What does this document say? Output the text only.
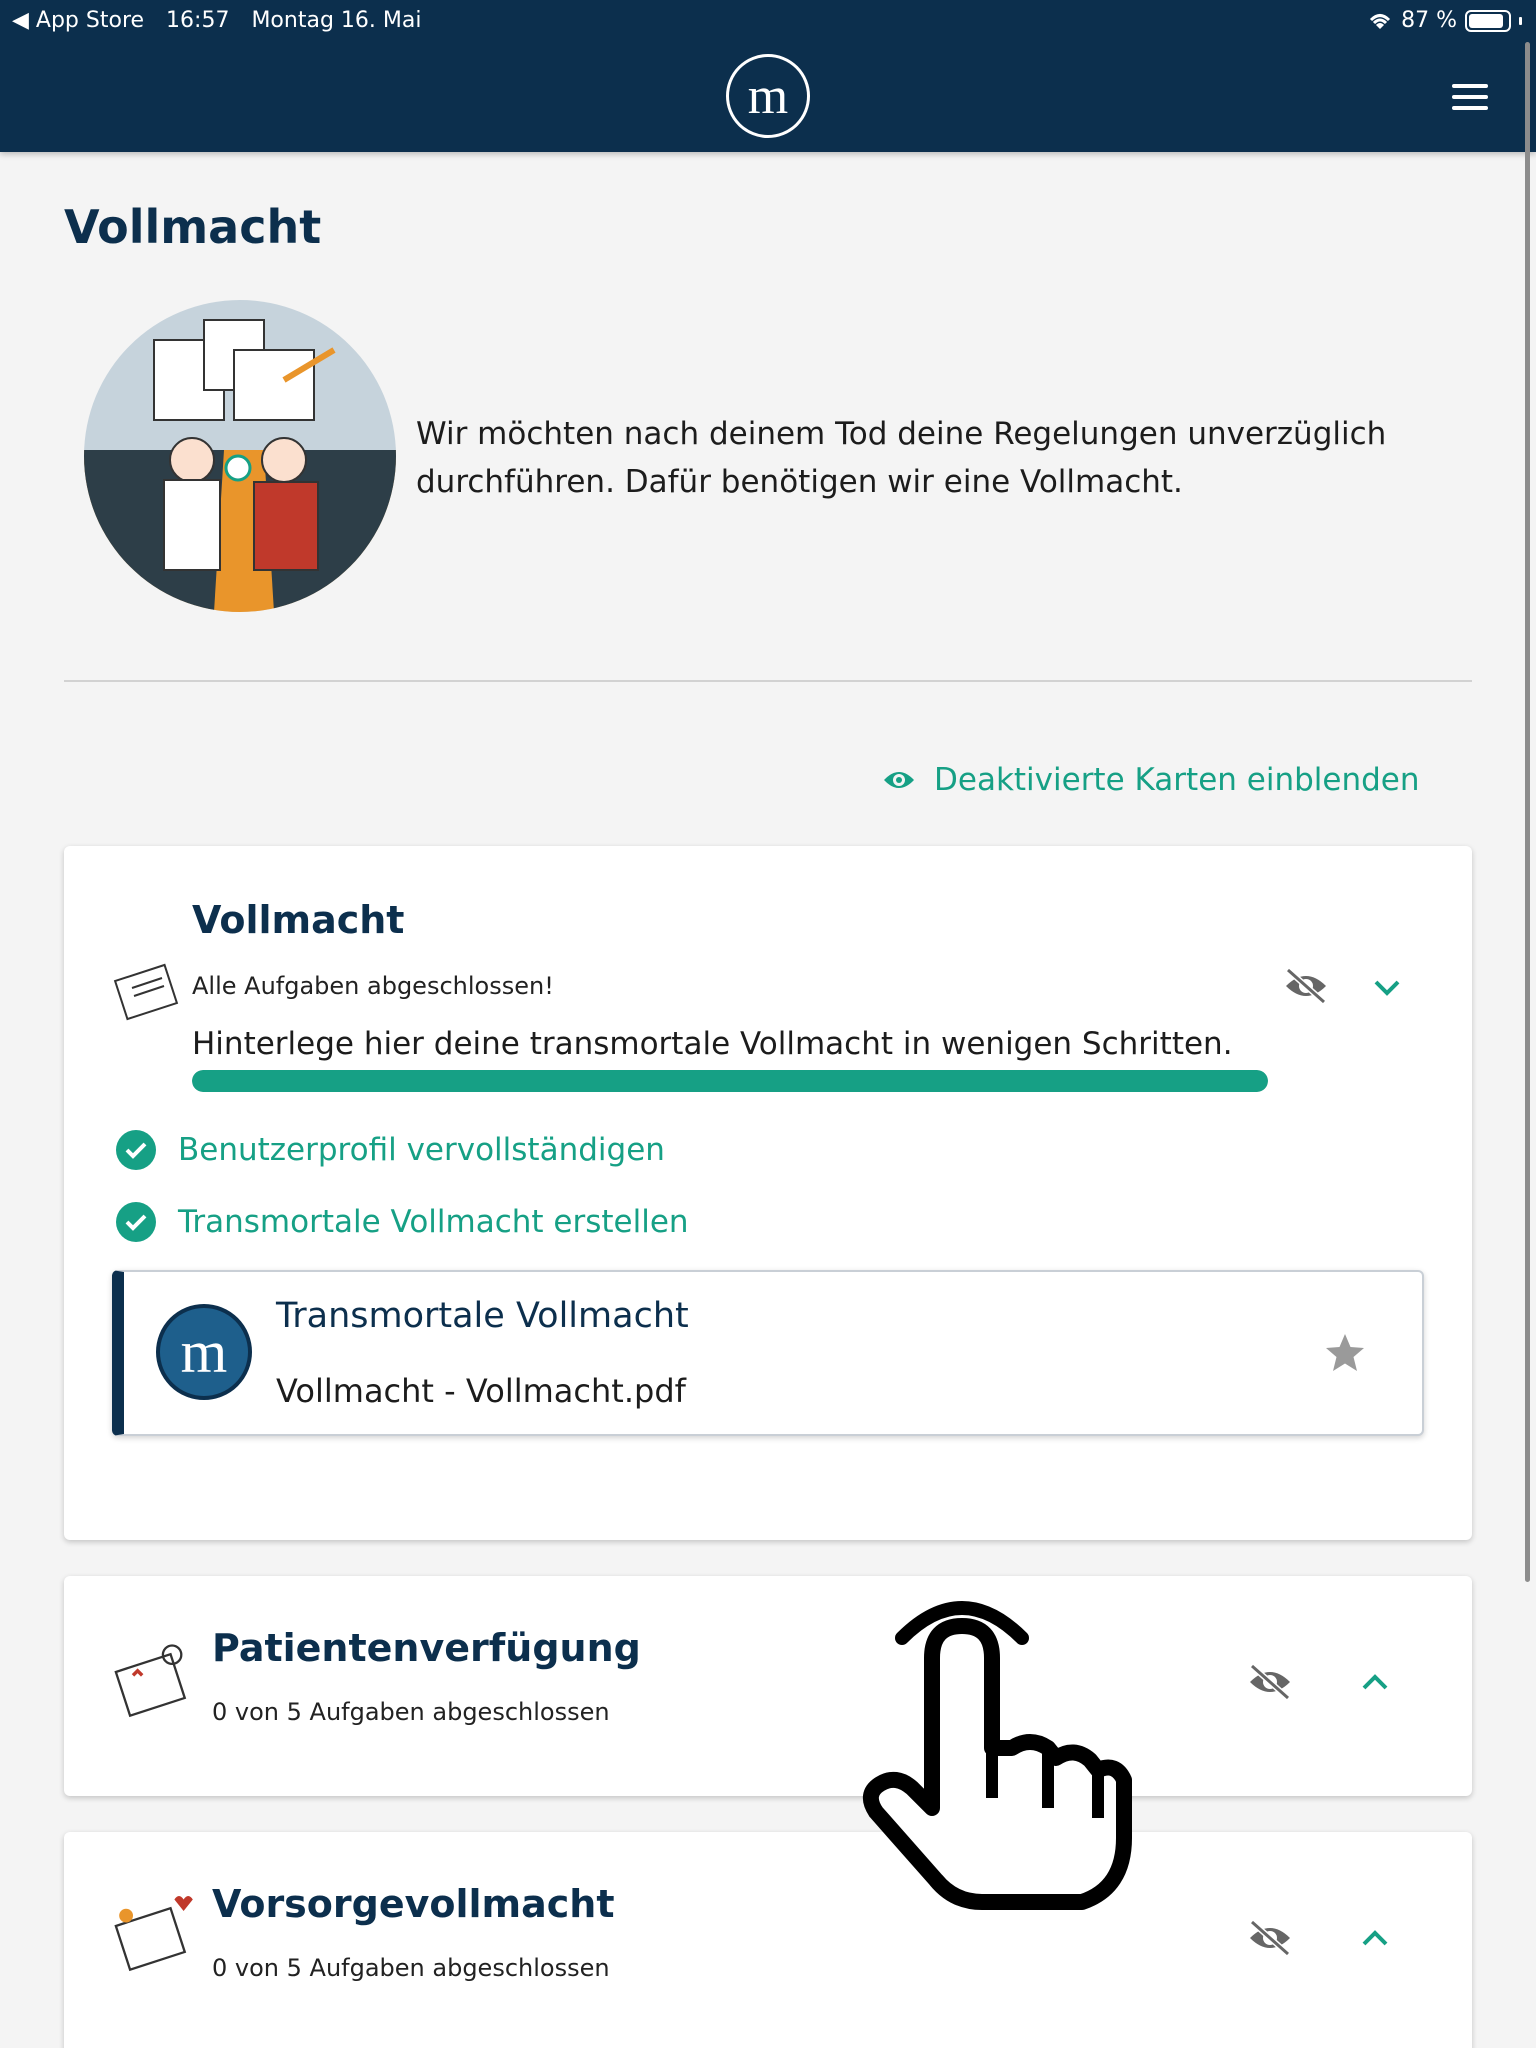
◀ App Store 16:57 Montag 16. Mai	87 %
m
Vollmacht

Wir möchten nach deinem Tod deine Regelungen unverzüglich durchführen. Dafür benötigen wir eine Vollmacht.

Deaktivierte Karten einblenden
Vollmacht
Alle Aufgaben abgeschlossen!
Hinterlege hier deine transmortale Vollmacht in wenigen Schritten.
Benutzerprofil vervollständigen
Transmortale Vollmacht erstellen
m
Transmortale Vollmacht
Vollmacht - Vollmacht.pdf
Patientenverfügung
0 von 5 Aufgaben abgeschlossen
Vorsorgevollmacht
0 von 5 Aufgaben abgeschlossen
